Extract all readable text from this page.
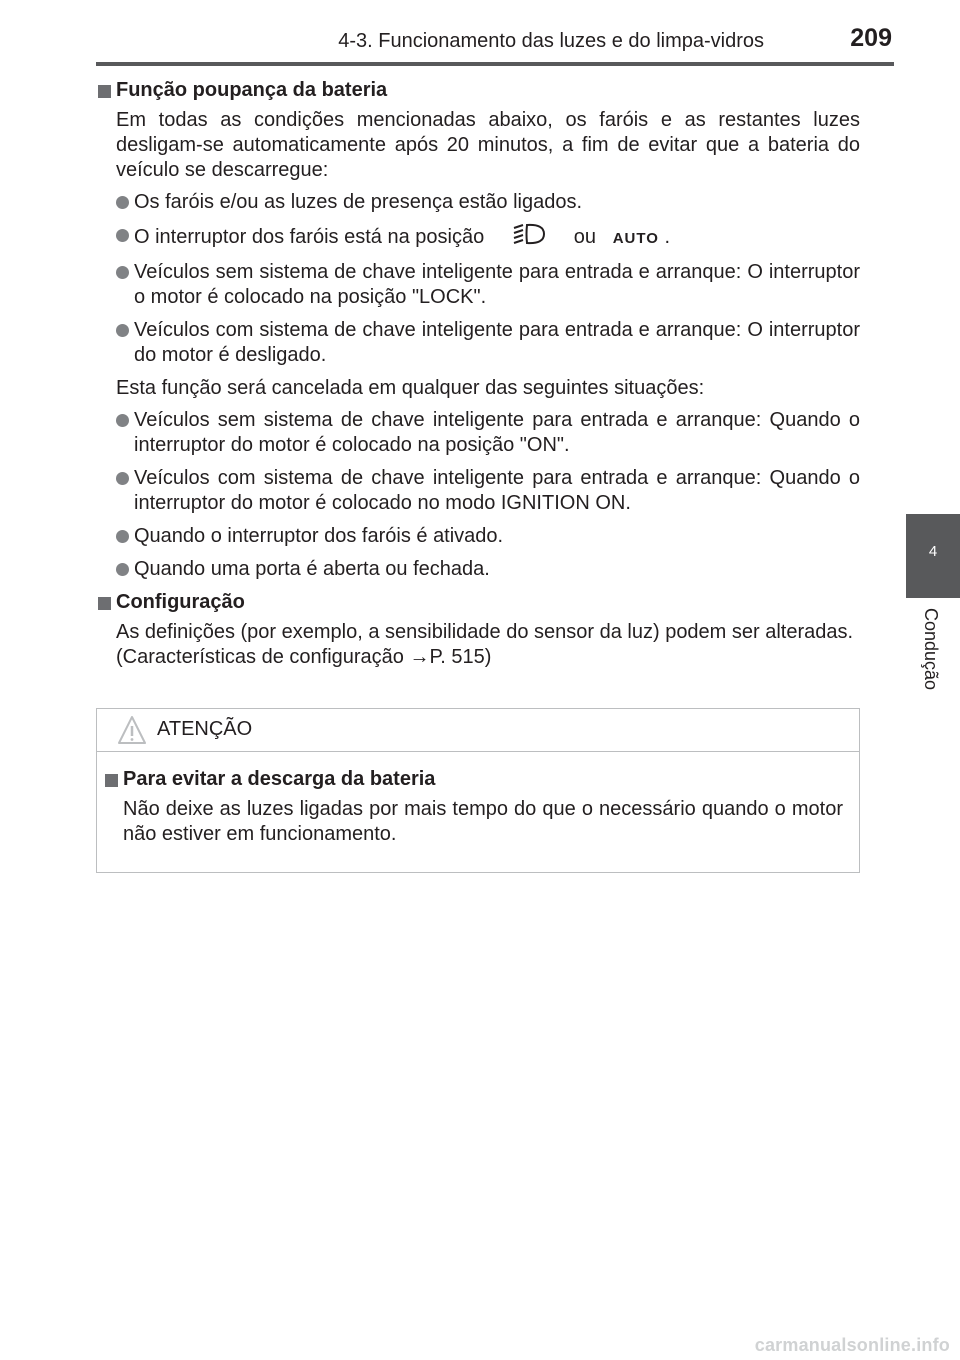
4-3. Funcionamento das luzes e do limpa-vidros	209
4
Condução
Função poupança da bateria
Em todas as condições mencionadas abaixo, os faróis e as restantes luzes desligam-se automaticamente após 20 minutos, a fim de evitar que a bateria do veículo se descarregue:
Os faróis e/ou as luzes de presença estão ligados.
O interruptor dos faróis está na posição	ou AUTO .
Veículos sem sistema de chave inteligente para entrada e arranque: O interruptor o motor é colocado na posição "LOCK".
Veículos com sistema de chave inteligente para entrada e arranque: O interruptor do motor é desligado.
Esta função será cancelada em qualquer das seguintes situações:
Veículos sem sistema de chave inteligente para entrada e arranque: Quando o interruptor do motor é colocado na posição "ON".
Veículos com sistema de chave inteligente para entrada e arranque: Quando o interruptor do motor é colocado no modo IGNITION ON.
Quando o interruptor dos faróis é ativado.
Quando uma porta é aberta ou fechada.
Configuração
As definições (por exemplo, a sensibilidade do sensor da luz) podem ser alteradas.
(Características de configuração →P. 515)
ATENÇÃO
Para evitar a descarga da bateria
Não deixe as luzes ligadas por mais tempo do que o necessário quando o motor não estiver em funcionamento.
carmanualsonline.info
